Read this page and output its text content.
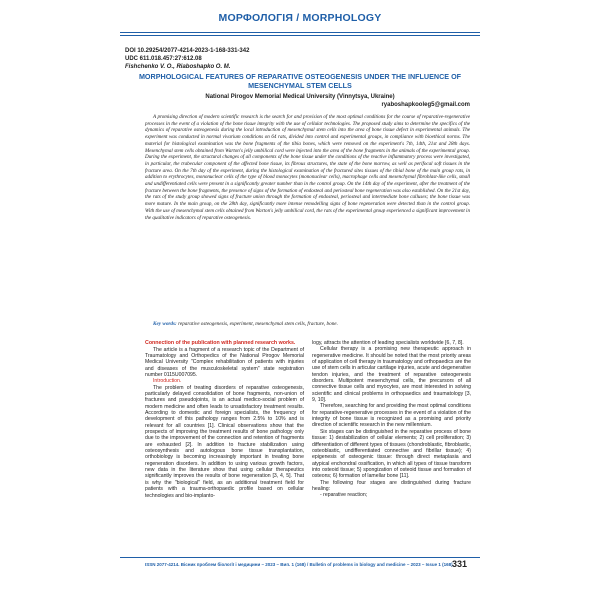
МОРФОЛОГІЯ / MORPHOLOGY
DOI 10.29254/2077-4214-2023-1-168-331-342
UDC 611.018.457:27:612.08
Fishchenko V. O., Riaboshapko O. M.
MORPHOLOGICAL FEATURES OF REPARATIVE OSTEOGENESIS UNDER THE INFLUENCE OF MESENCHYMAL STEM CELLS
National Pirogov Memorial Medical University (Vinnytsya, Ukraine)
ryaboshapkooleg5@gmail.com
A promising direction of modern scientific research is the search for and provision of the most optimal conditions for the course of reparative-regenerative processes in the event of a violation of the bone tissue integrity with the use of cellular technologies. The proposed study aims to determine the specifics of the dynamics of reparative osteogenesis during the local introduction of mesenchymal stem cells into the area of bone tissue defect in experimental animals. The experiment was conducted in normal vivarium conditions on 64 rats, divided into control and experimental groups, in compliance with bioethical norms. The material for histological examination was the bone fragments of the tibia bones, which were removed on the experiment's 7th, 14th, 21st and 28th days. Mesenchymal stem cells obtained from Warton's jelly umbilical cord were injected into the area of the bone fragments in the animals of the experimental group. During the experiment, the structural changes of all components of the bone tissue under the conditions of the reactive inflammatory process were investigated, in particular, the trabecular component of the affected bone tissue, its fibrous structures, the state of the bone marrow, as well as perifocal soft tissues in the fracture area. On the 7th day of the experiment, during the histological examination of the fractured sites tissues of the tibial bone of the main group rats, in addition to erythrocytes, mononuclear cells of the type of blood monocytes (mononuclear cells), macrophage cells and mesenchymal fibroblast-like cells, small and undifferentiated cells were present in a significantly greater number than in the control group. On the 14th day of the experiment, after the treatment of the fracture between the bone fragments, the presence of signs of the formation of endosteal and periosteal bone regeneration was also established. On the 21st day, the rats of the study group showed signs of fracture union through the formation of endosteal, periosteal and intermediate bone calluses; the bone tissue was more mature. In the main group, on the 28th day, significantly more intense remodelling signs of bone regeneration were detected than in the control group. With the use of mesenchymal stem cells obtained from Warton's jelly umbilical cord, the rats of the experimental group experienced a significant improvement in the qualitative indicators of reparative osteogenesis.
Key words: reparative osteogenesis, experiment, mesenchymal stem cells, fracture, bone.

Connection of the publication with planned research works.

The article is a fragment of a research topic of the Department of Traumatology and Orthopedics of the National Pirogov Memorial Medical University "Complex rehabilitation of patients with injuries and diseases of the musculoskeletal system" state registration number 0115U007095.

Introduction.

The problem of treating disorders of reparative osteogenesis, particularly delayed consolidation of bone fragments, non-union of fractures and pseudojoints, is an actual medico-social problem of modern medicine and often leads to unsatisfactory treatment results. According to domestic and foreign specialists, the frequency of development of this pathology ranges from 2.5% to 10% and is relevant for all countries [1]. Clinical observations show that the prospects of improving the treatment results of bone pathology only due to the improvement of the connection and retention of fragments are exhausted [2]. In addition to fracture stabilization using osteosynthesis and autologous bone tissue transplantation, orthobiology is becoming increasingly important in treating bone regeneration disorders. In addition to using various growth factors, new data in the literature show that using cellular therapeutics significantly improves the results of bone regeneration [3, 4, 5]. That is why the "biological" field, as an additional treatment field for patients with a trauma-orthopaedic profile based on cellular technologies and bio-implanto-

logy, attracts the attention of leading specialists worldwide [6, 7, 8].

Cellular therapy is a promising new therapeutic approach in regenerative medicine. It should be noted that the most priority areas of application of cell therapy in traumatology and orthopaedics are the use of stem cells in articular cartilage injuries, acute and degenerative tendon injuries, and the treatment of reparative osteogenesis disorders. Multipotent mesenchymal cells, the precursors of all connective tissue cells and myocytes, are most interested in solving scientific and clinical problems in orthopaedics and traumatology [3, 9, 10].

Therefore, searching for and providing the most optimal conditions for reparative-regenerative processes in the event of a violation of the integrity of bone tissue is recognized as a promising and priority direction of scientific research in the new millennium.

Six stages can be distinguished in the reparative process of bone tissue: 1) destabilization of cellular elements; 2) cell proliferation; 3) differentiation of different types of tissues (chondroblastic, fibroblastic, osteoblastic, undifferentiated connective and fibrillar tissue); 4) epigenesis of osteogenic tissue: through direct metaplasia and atypical enchondral ossification, in which all types of tissue transform into osteoid tissue; 5) spongization of osteoid tissue and formation of osteons; 6) formation of lamellar bone [11].

The following four stages are distinguished during fracture healing:

- reparative reaction;

ISSN 2077-4214. Вісник проблем біології і медицини – 2023 – Вип. 1 (168) / Bulletin of problems in biology and medicine – 2023 – Issue 1 (168) 331
